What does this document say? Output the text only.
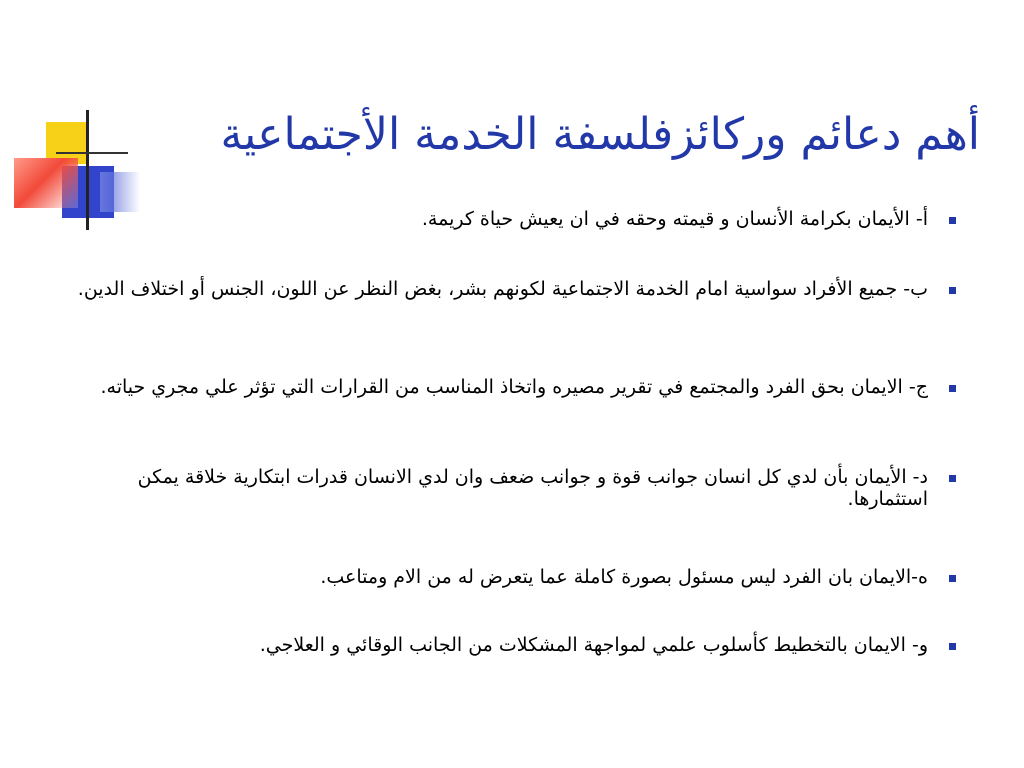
أهم دعائم وركائزفلسفة الخدمة الأجتماعية
أ- الأيمان بكرامة الأنسان و قيمته وحقه في ان يعيش حياة كريمة.
ب- جميع الأفراد سواسية امام الخدمة الاجتماعية لكونهم بشر، بغض النظر عن اللون، الجنس أو اختلاف الدين.
ج- الايمان بحق الفرد والمجتمع في تقرير مصيره واتخاذ المناسب من القرارات التي تؤثر علي مجري حياته.
د- الأيمان بأن لدي كل انسان جوانب قوة و جوانب ضعف وان لدي الانسان قدرات ابتكارية خلاقة يمكن استثمارها.
ه-الايمان بان الفرد ليس مسئول بصورة كاملة عما يتعرض له من الام ومتاعب.
و- الايمان بالتخطيط كأسلوب علمي لمواجهة المشكلات من الجانب الوقائي و العلاجي.
